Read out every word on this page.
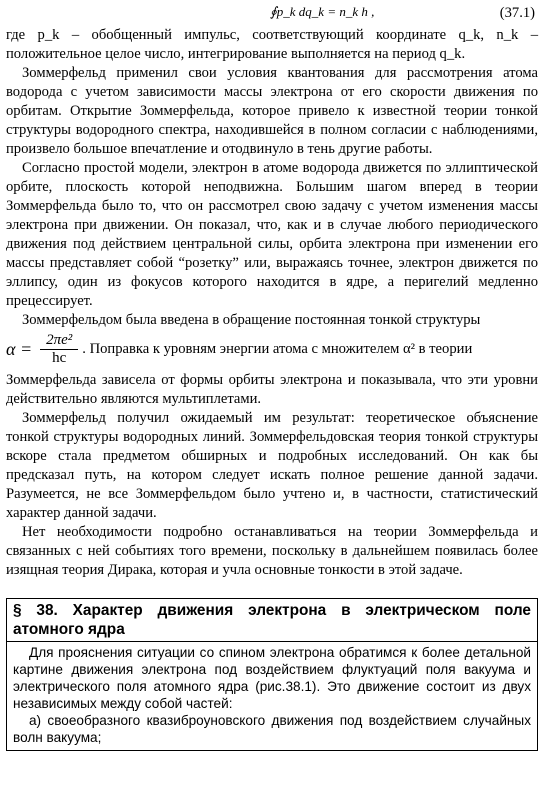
∮p_k dq_k = n_k h ,	(37.1)

где p_k – обобщенный импульс, соответствующий координате q_k, n_k – положительное целое число, интегрирование выполняется на период q_k.

Зоммерфельд применил свои условия квантования для рассмотрения атома водорода с учетом зависимости массы электрона от его скорости движения по орбитам. Открытие Зоммерфельда, которое привело к известной теории тонкой структуры водородного спектра, находившейся в полном согласии с наблюдениями, произвело большое впечатление и отодвинуло в тень другие работы.

Согласно простой модели, электрон в атоме водорода движется по эллиптической орбите, плоскость которой неподвижна. Большим шагом вперед в теории Зоммерфельда было то, что он рассмотрел свою задачу с учетом изменения массы электрона при движении. Он показал, что, как и в случае любого периодического движения под действием центральной силы, орбита электрона при изменении его массы представляет собой “розетку” или, выражаясь точнее, электрон движется по эллипсу, один из фокусов которого находится в ядре, а перигелий медленно прецессирует.

Зоммерфельдом была введена в обращение постоянная тонкой структуры

$\alpha = \frac{\text{2πe²}}{hc}$ . Поправка к уровням энергии атома с множителем α² в теории

Зоммерфельда зависела от формы орбиты электрона и показывала, что эти уровни действительно являются мультиплетами.

Зоммерфельд получил ожидаемый им результат: теоретическое объяснение тонкой структуры водородных линий. Зоммерфельдовская теория тонкой структуры вскоре стала предметом обширных и подробных исследований. Он как бы предсказал путь, на котором следует искать полное решение данной задачи. Разумеется, не все Зоммерфельдом было учтено и, в частности, статистический характер данной задачи.

Нет необходимости подробно останавливаться на теории Зоммерфельда и связанных с ней событиях того времени, поскольку в дальнейшем появилась более изящная теория Дирака, которая и учла основные тонкости в этой задаче.

§ 38. Характер движения электрона в электрическом поле атомного ядра

Для прояснения ситуации со спином электрона обратимся к более детальной картине движения электрона под воздействием флуктуаций поля вакуума и электрического поля атомного ядра (рис.38.1). Это движение состоит из двух независимых между собой частей:

а) своеобразного квазиброуновского движения под воздействием случайных волн вакуума;
